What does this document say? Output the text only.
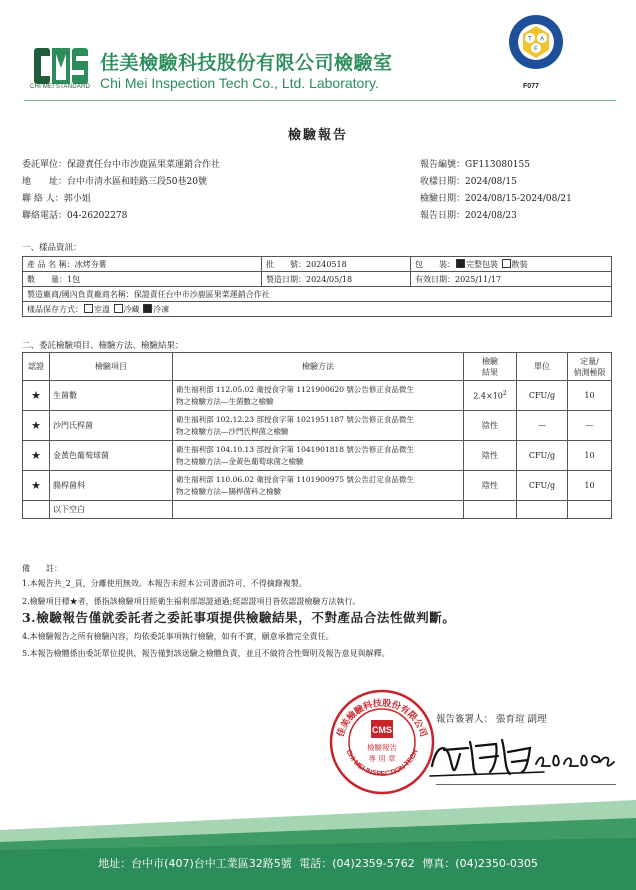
CHI MEI STANDARD
佳美檢驗科技股份有限公司檢驗室
Chi Mei Inspection Tech Co., Ltd. Laboratory.
T A
F
F077
檢驗報告
委託單位：保證責任台中市沙鹿區果菜運銷合作社
地　　址：台中市清水區和睦路三段50巷20號
聯 絡 人：郭小姐
聯絡電話：04-26202278
報告編號：GF113080155
收樣日期：2024/08/15
檢驗日期：2024/08/15-2024/08/21
報告日期：2024/08/23
一、樣品資訊：
產 品 名 稱：冰烤夯薯	批　　號：20240518	包　　裝： 完整包裝 散裝
數　　量：1包	製造日期：2024/05/18	有效日期：2025/11/17
製造廠商/國內負責廠商名稱：保證責任台中市沙鹿區果菜運銷合作社		
樣品保存方式： 室溫 冷藏 冷凍		
二、委託檢驗項目、檢驗方法、檢驗結果：
認證	檢驗項目	檢驗方法	檢驗
結果	單位	定量/
偵測極限
★	生菌數	衛生福利部 112.05.02 衛授食字第 1121900620 號公告修正食品微生
物之檢驗方法—生菌數之檢驗	$2.4\times 10^2$	CFU/g	10
★	沙門氏桿菌	衛生福利部 102.12.23 部授食字第 1021951187 號公告修正食品微生
物之檢驗方法—沙門氏桿菌之檢驗	陰性	—	—
★	金黃色葡萄球菌	衛生福利部 104.10.13 部授食字第 1041901818 號公告修正食品微生
物之檢驗方法—金黃色葡萄球菌之檢驗	陰性	CFU/g	10
★	腸桿菌科	衛生福利部 110.06.02 衛授食字第 1101900975 號公告訂定食品微生
物之檢驗方法—腸桿菌科之檢驗	陰性	CFU/g	10
	以下空白				
備　　註：
1.本報告共_2_頁，分離使用無效。本報告未經本公司書面許可，不得摘錄複製。
2.檢驗項目標★者，係指該檢驗項目經衛生福利部認證通過;經認證項目皆依認證檢驗方法執行。
3.檢驗報告僅就委託者之委託事項提供檢驗結果，不對產品合法性做判斷。
4.本檢驗報告之所有檢驗內容，均依委託事項執行檢驗，如有不實，願意承擔完全責任。
5.本報告檢體係由委託單位提供，報告僅對該送驗之檢體負責，並且不做符合性聲明及報告意見與解釋。
佳美檢驗科技股份有限公司
CHI MEI INSPECTION TECH
CMS
檢驗報告
專 用 章
報告簽署人： 張育瑄 副理
地址：台中市(407)台中工業區32路5號 電話：(04)2359-5762 傳真：(04)2350-0305
